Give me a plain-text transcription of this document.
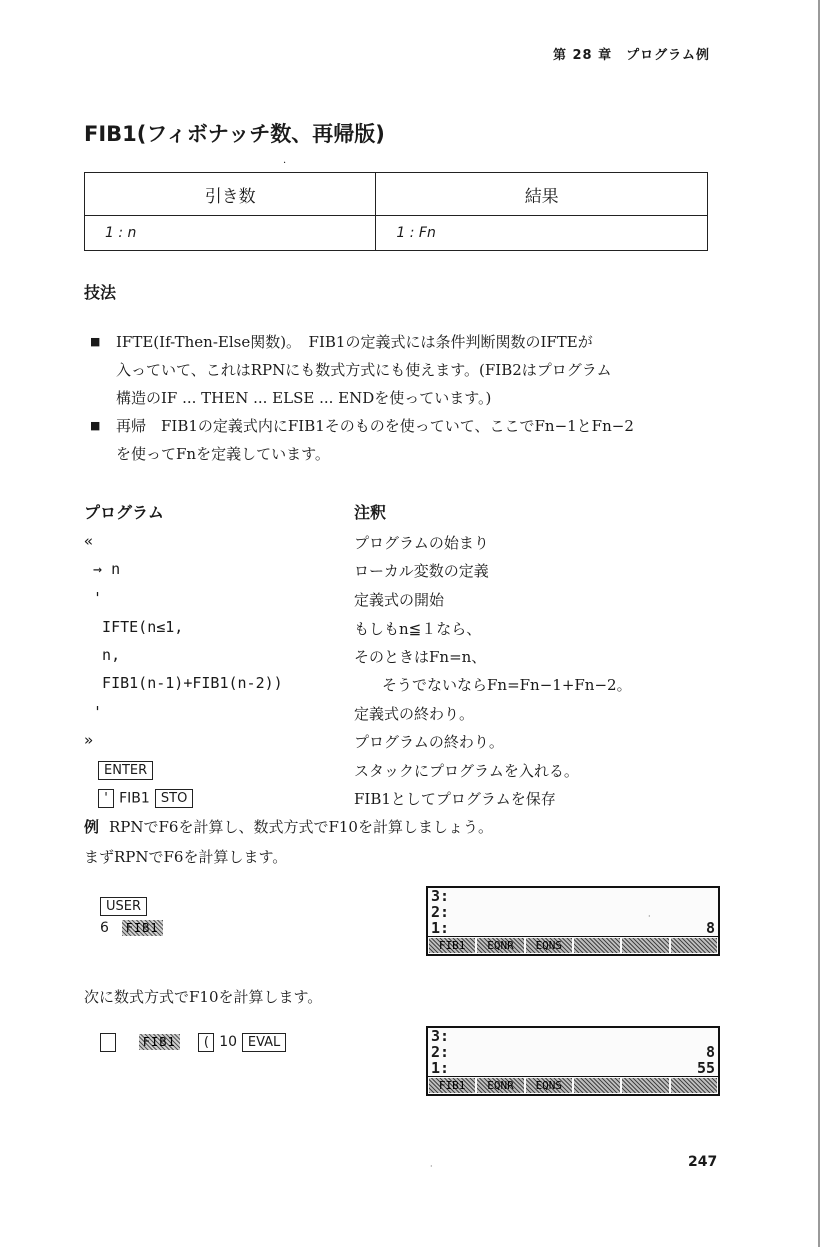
第 28 章　プログラム例
FIB1(フィボナッチ数、再帰版)
·
引き数	結果
1 : n	1 : Fn
技法
■ IFTE(If-Then-Else関数)。　FIB1の定義式には条件判断関数のIFTEが
入っていて、これはRPNにも数式方式にも使えます。(FIB2はプログラム
構造のIF ... THEN ... ELSE ... ENDを使っています。)
■ 再帰　FIB1の定義式内にFIB1そのものを使っていて、ここでFn−1とFn−2
を使ってFnを定義しています。
プログラム	注釈
«	プログラムの始まり
→ n	ローカル変数の定義
'	定義式の開始
IFTE(n≤1,	もしもn≦１なら、
n,	そのときはFn=n、
FIB1(n-1)+FIB1(n-2))	そうでないならFn=Fn−1+Fn−2。
'	定義式の終わり。
»	プログラムの終わり。
ENTER	スタックにプログラムを入れる。
' FIB1 STO	FIB1としてプログラムを保存
例 RPNでF6を計算し、数式方式でF10を計算しましょう。
まずRPNでF6を計算します。
USER
6 FIB1
3:
2:
1:	8
FIB1	EQNR	EQNS
·
次に数式方式でF10を計算します。
FIB1 ( 10 EVAL	3:
2:	8
1:	55
FIB1	EQNR	EQNS
·	247
